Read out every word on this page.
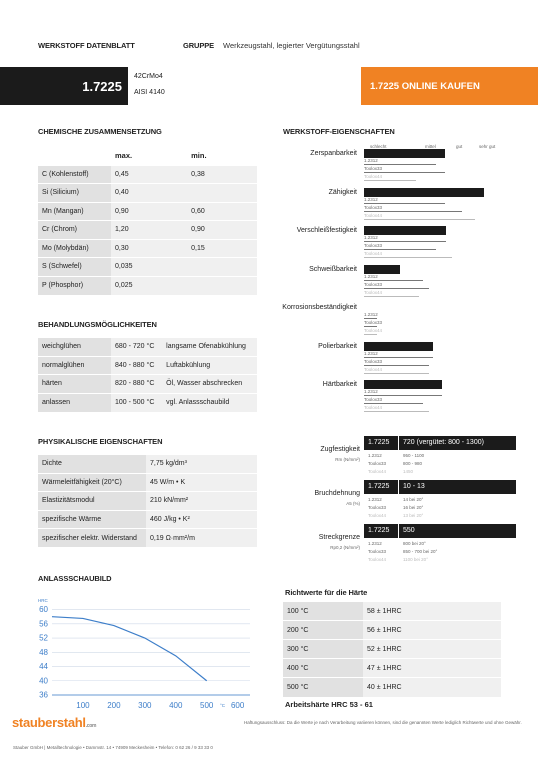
WERKSTOFF DATENBLATT	GRUPPE Werkzeugstahl, legierter Vergütungsstahl
1.7225
42CrMo4
AISI 4140
1.7225 ONLINE KAUFEN
CHEMISCHE ZUSAMMENSETZUNG
	max.	min.
C (Kohlenstoff)	0,45	0,38
Si (Silicium)	0,40	
Mn (Mangan)	0,90	0,60
Cr (Chrom)	1,20	0,90
Mo (Molybdän)	0,30	0,15
S (Schwefel)	0,035	
P (Phosphor)	0,025	
BEHANDLUNGSMÖGLICHKEITEN
weichglühen	680 - 720 °C	langsame Ofenabkühlung
normalglühen	840 - 880 °C	Luftabkühlung
härten	820 - 880 °C	Öl, Wasser abschrecken
anlassen	100 - 500 °C	vgl. Anlassschaubild
PHYSIKALISCHE EIGENSCHAFTEN
Dichte	7,75 kg/dm³
Wärmeleitfähigkeit (20°C)	45 W/m • K
Elastizitätsmodul	210 kN/mm²
spezifische Wärme	460 J/kg • K²
spezifischer elektr. Widerstand	0,19 Ω·mm²/m
ANLASSSCHAUBILD
60
56
52
48
44
40
36
100 200 300 400 500 600
HRC
°C
WERKSTOFF-EIGENSCHAFTEN
schlecht	mittel	gut	sehr gut
Zerspanbarkeit
1.2312
Toolox33
Toolox44
Zähigkeit
1.2312
Toolox33
Toolox44
Verschleißfestigkeit
1.2312
Toolox33
Toolox44
Schweißbarkeit
1.2312
Toolox33
Toolox44
Korrosionsbeständigkeit
1.2312
Toolox33
Toolox44
Polierbarkeit
1.2312
Toolox33
Toolox44
Härtbarkeit
1.2312
Toolox33
Toolox44
Zugfestigkeit
Rm (N/mm²)
1.7225 720 (vergütet: 800 - 1300)
1.2312	950 - 1100
Toolox33	800 - 980
Toolox44	1450
Bruchdehnung
A5 (%)
1.7225 10 - 13
1.2312	14 bei 20°
Toolox33	16 bei 20°
Toolox44	13 bei 20°
Streckgrenze
Rp0,2 (N/mm²)
1.7225 550
1.2312	800 bei 20°
Toolox33	850 - 700 bei 20°
Toolox44	1100 bei 20°
Richtwerte für die Härte
100 °C	58 ± 1HRC
200 °C	56 ± 1HRC
300 °C	52 ± 1HRC
400 °C	47 ± 1HRC
500 °C	40 ± 1HRC
Arbeitshärte HRC 53 - 61
stauberstahl.com
Stauber GmbH | Metalltechnologie • Dammstr. 14 • 74909 Meckesheim • Telefon: 0 62 26 / 9 33 33 0
Haftungsausschluss: Da die Werte je nach Verarbeitung variieren können, sind die genannten Werte lediglich Richtwerte und ohne Gewähr.
